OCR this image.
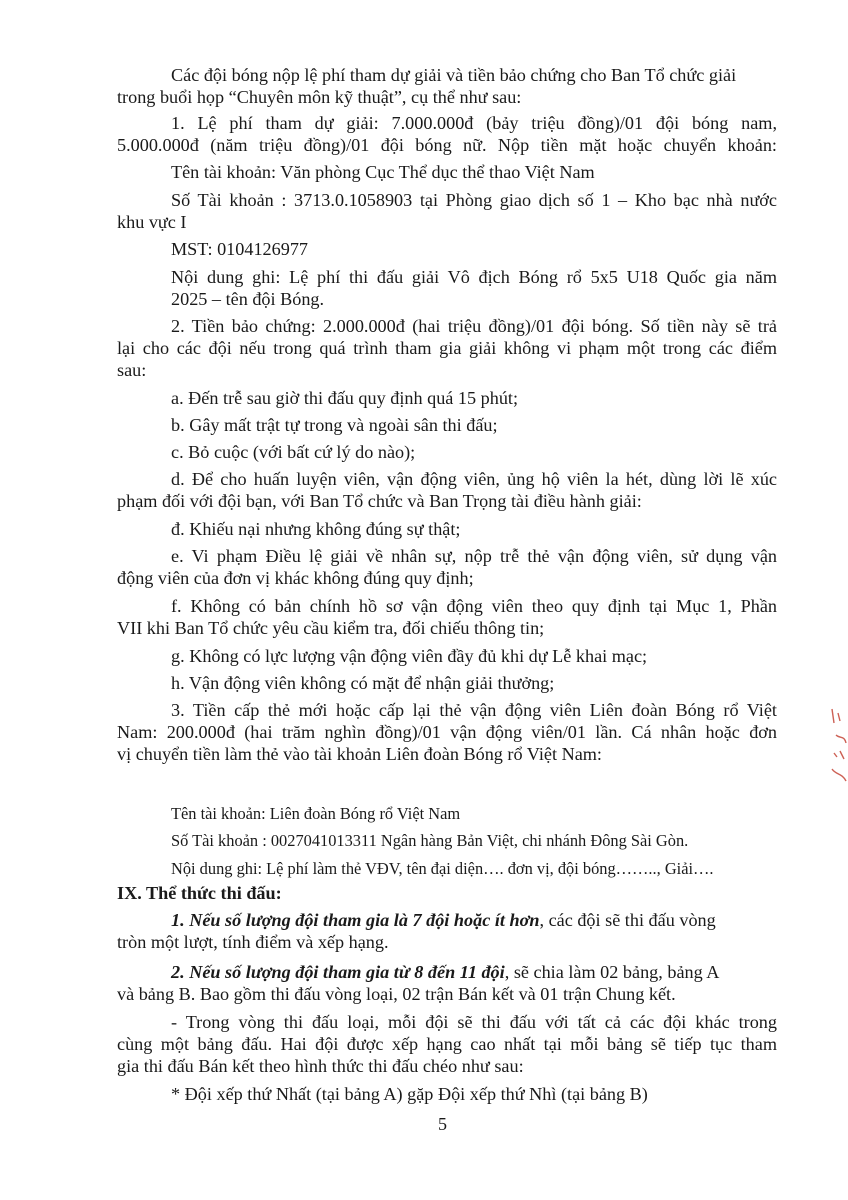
Các đội bóng nộp lệ phí tham dự giải và tiền bảo chứng cho Ban Tổ chức giải
trong buổi họp “Chuyên môn kỹ thuật”, cụ thể như sau:
1. Lệ phí tham dự giải: 7.000.000đ (bảy triệu đồng)/01 đội bóng nam,
5.000.000đ (năm triệu đồng)/01 đội bóng nữ. Nộp tiền mặt hoặc chuyển khoản:
Tên tài khoản: Văn phòng Cục Thể dục thể thao Việt Nam
Số Tài khoản : 3713.0.1058903 tại Phòng giao dịch số 1 – Kho bạc nhà nước
khu vực I
MST: 0104126977
Nội dung ghi: Lệ phí thi đấu giải Vô địch Bóng rổ 5x5 U18 Quốc gia năm
2025 – tên đội Bóng.
2. Tiền bảo chứng: 2.000.000đ (hai triệu đồng)/01 đội bóng. Số tiền này sẽ trả
lại cho các đội nếu trong quá trình tham gia giải không vi phạm một trong các điểm
sau:
a. Đến trễ sau giờ thi đấu quy định quá 15 phút;
b. Gây mất trật tự trong và ngoài sân thi đấu;
c. Bỏ cuộc (với bất cứ lý do nào);
d. Để cho huấn luyện viên, vận động viên, ủng hộ viên la hét, dùng lời lẽ xúc
phạm đối với đội bạn, với Ban Tổ chức và Ban Trọng tài điều hành giải:
đ. Khiếu nại nhưng không đúng sự thật;
e. Vi phạm Điều lệ giải về nhân sự, nộp trễ thẻ vận động viên, sử dụng vận
động viên của đơn vị khác không đúng quy định;
f. Không có bản chính hồ sơ vận động viên theo quy định tại Mục 1, Phần
VII khi Ban Tổ chức yêu cầu kiểm tra, đối chiếu thông tin;
g. Không có lực lượng vận động viên đầy đủ khi dự Lễ khai mạc;
h. Vận động viên không có mặt để nhận giải thưởng;
3. Tiền cấp thẻ mới hoặc cấp lại thẻ vận động viên Liên đoàn Bóng rổ Việt
Nam: 200.000đ (hai trăm nghìn đồng)/01 vận động viên/01 lần. Cá nhân hoặc đơn
vị chuyển tiền làm thẻ vào tài khoản Liên đoàn Bóng rổ Việt Nam:
Tên tài khoản: Liên đoàn Bóng rổ Việt Nam
Số Tài khoản : 0027041013311 Ngân hàng Bản Việt, chi nhánh Đông Sài Gòn.
Nội dung ghi: Lệ phí làm thẻ VĐV, tên đại diện…. đơn vị, đội bóng…….., Giải….
IX. Thể thức thi đấu:
1. Nếu số lượng đội tham gia là 7 đội hoặc ít hơn, các đội sẽ thi đấu vòng
tròn một lượt, tính điểm và xếp hạng.
2. Nếu số lượng đội tham gia từ 8 đến 11 đội, sẽ chia làm 02 bảng, bảng A
và bảng B. Bao gồm thi đấu vòng loại, 02 trận Bán kết và 01 trận Chung kết.
- Trong vòng thi đấu loại, mỗi đội sẽ thi đấu với tất cả các đội khác trong
cùng một bảng đấu. Hai đội được xếp hạng cao nhất tại mỗi bảng sẽ tiếp tục tham
gia thi đấu Bán kết theo hình thức thi đấu chéo như sau:
* Đội xếp thứ Nhất (tại bảng A) gặp Đội xếp thứ Nhì (tại bảng B)
5
